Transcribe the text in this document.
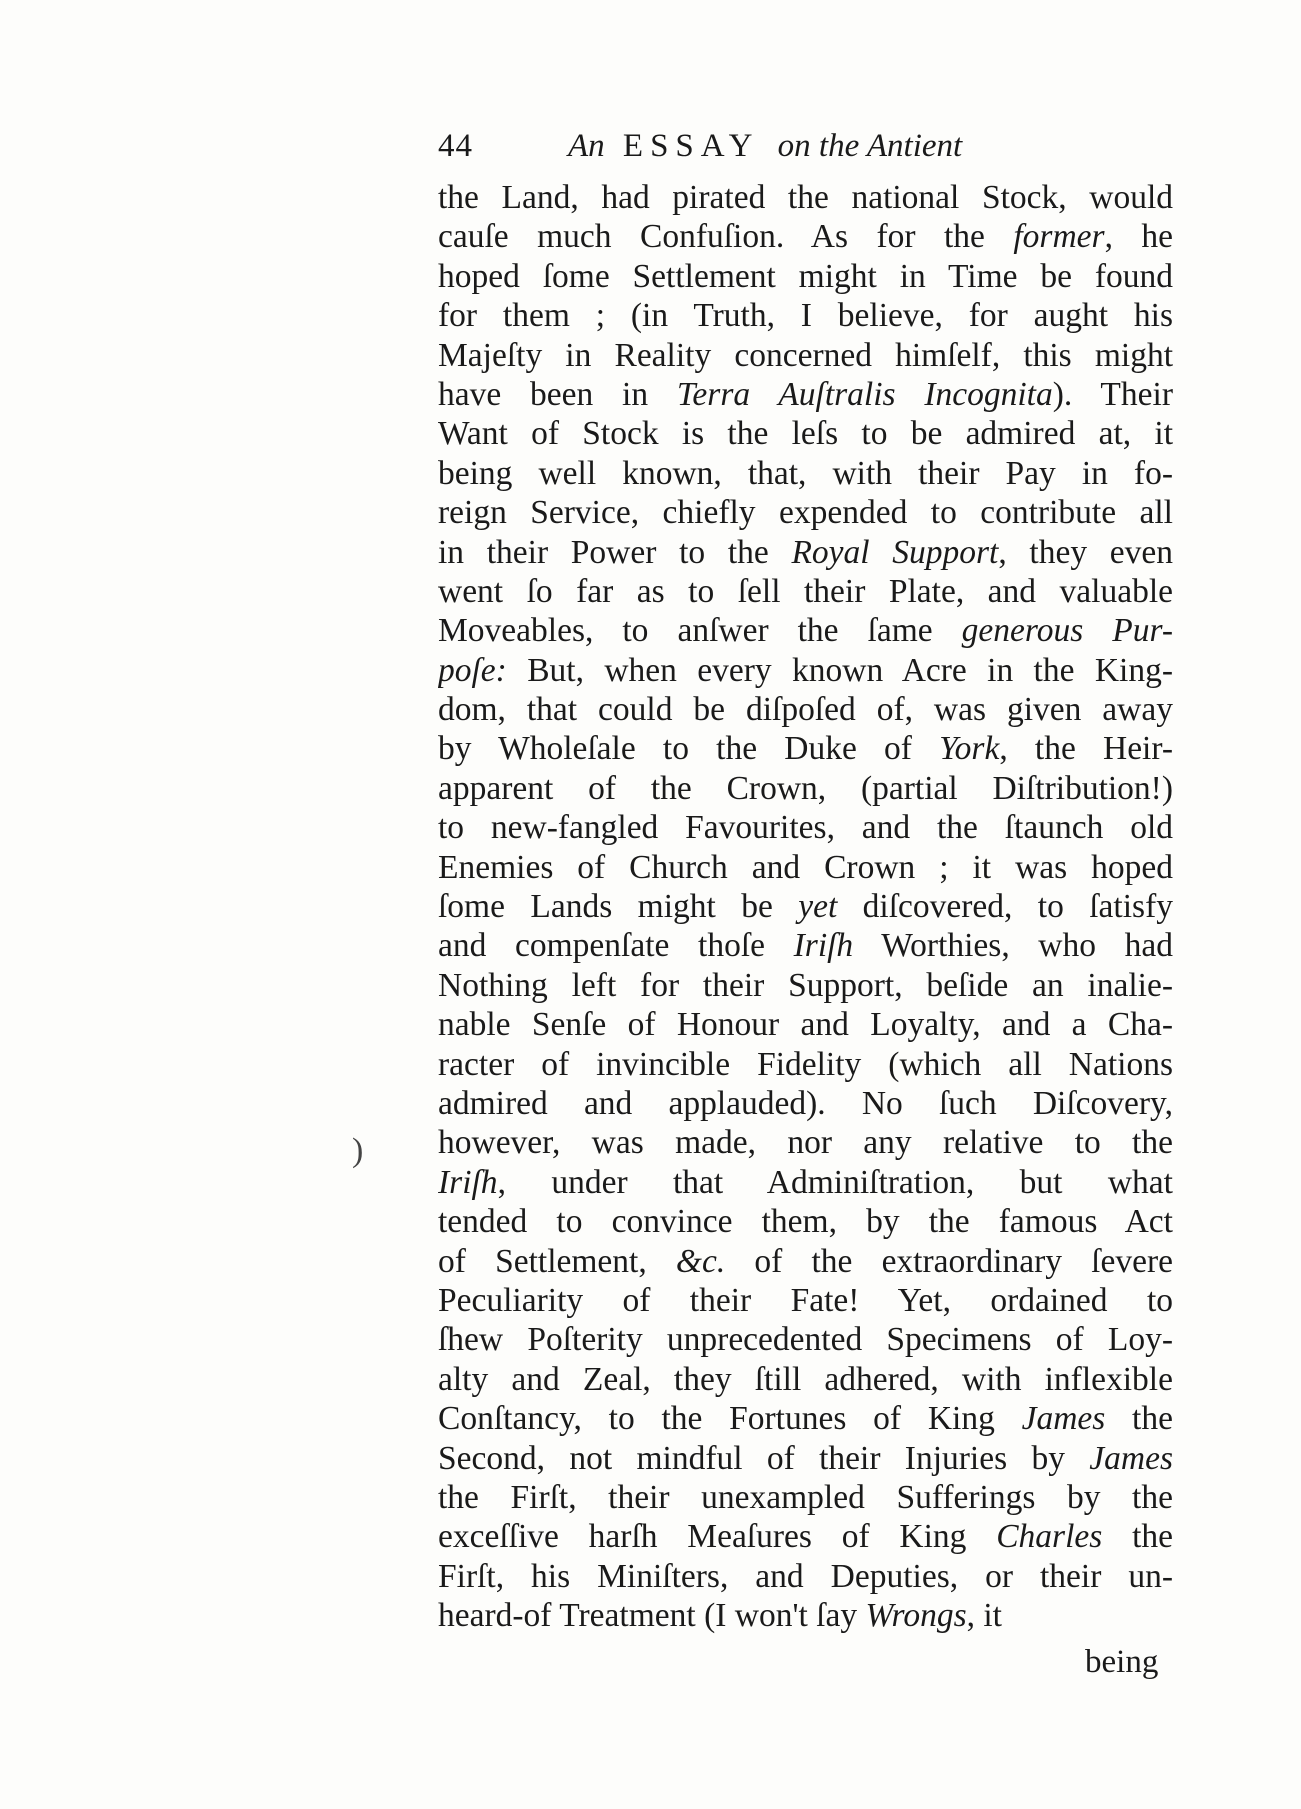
44	An ESSAY on the Antient
the Land, had pirated the national Stock, would
cauſe much Confuſion. As for the former, he
hoped ſome Settlement might in Time be found
for them ; (in Truth, I believe, for aught his
Majeſty in Reality concerned himſelf, this might
have been in Terra Auſtralis Incognita). Their
Want of Stock is the leſs to be admired at, it
being well known, that, with their Pay in fo-
reign Service, chiefly expended to contribute all
in their Power to the Royal Support, they even
went ſo far as to ſell their Plate, and valuable
Moveables, to anſwer the ſame generous Pur-
poſe: But, when every known Acre in the King-
dom, that could be diſpoſed of, was given away
by Wholeſale to the Duke of York, the Heir-
apparent of the Crown, (partial Diſtribution!)
to new-fangled Favourites, and the ſtaunch old
Enemies of Church and Crown ; it was hoped
ſome Lands might be yet diſcovered, to ſatisfy
and compenſate thoſe Iriſh Worthies, who had
Nothing left for their Support, beſide an inalie-
nable Senſe of Honour and Loyalty, and a Cha-
racter of invincible Fidelity (which all Nations
admired and applauded). No ſuch Diſcovery,
however, was made, nor any relative to the
Iriſh, under that Adminiſtration, but what
tended to convince them, by the famous Act
of Settlement, &c. of the extraordinary ſevere
Peculiarity of their Fate! Yet, ordained to
ſhew Poſterity unprecedented Specimens of Loy-
alty and Zeal, they ſtill adhered, with inflexible
Conſtancy, to the Fortunes of King James the
Second, not mindful of their Injuries by James
the Firſt, their unexampled Sufferings by the
exceſſive harſh Meaſures of King Charles the
Firſt, his Miniſters, and Deputies, or their un-
heard-of Treatment (I won't ſay Wrongs, it
being
)
